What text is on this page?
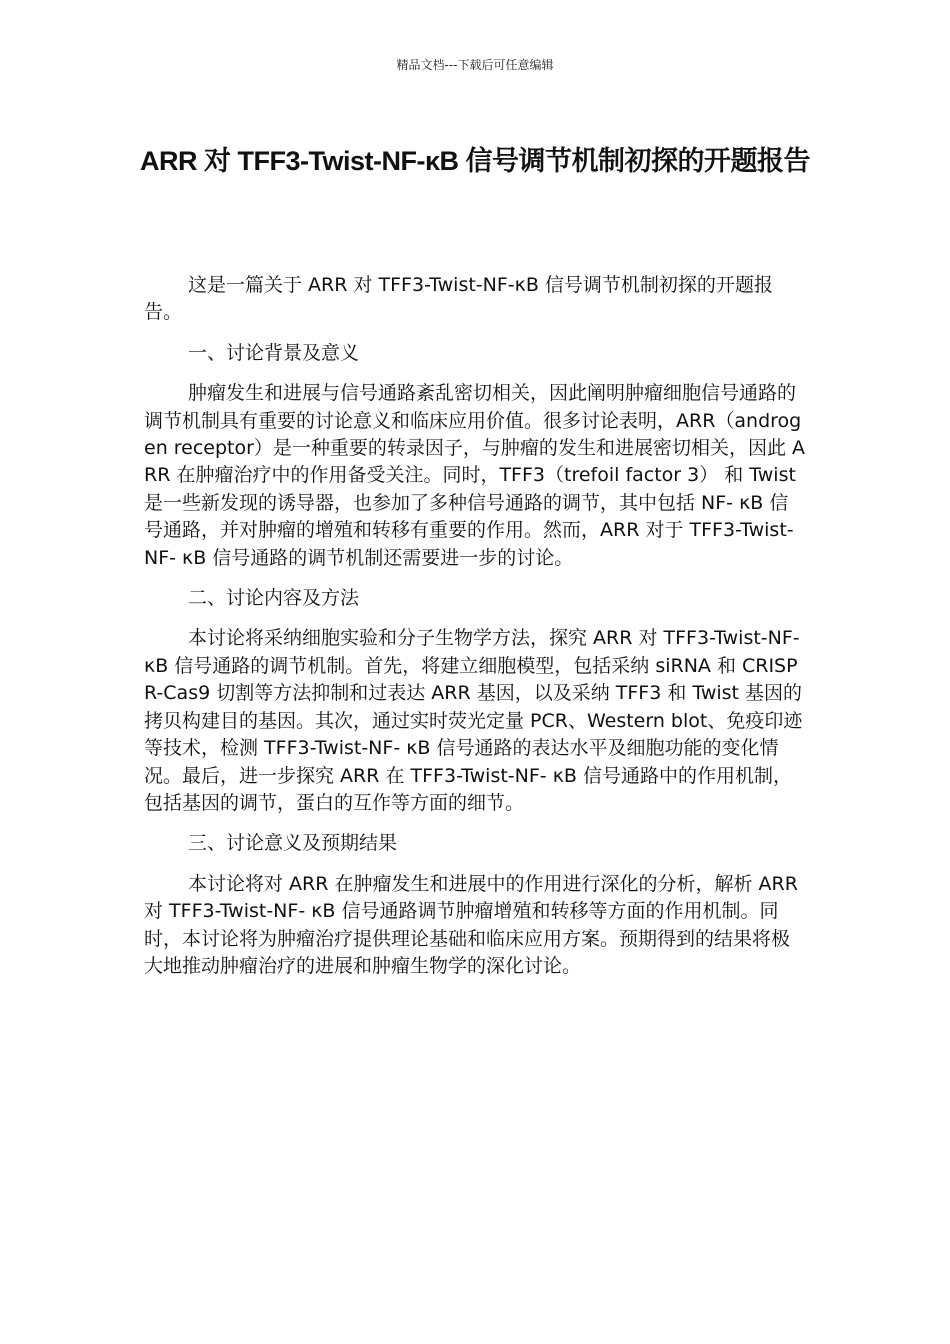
精品文档---下载后可任意编辑
ARR 对 TFF3-Twist-NF-κB 信号调节机制初探的开题报告

这是一篇关于 ARR 对 TFF3-Twist-NF-κB 信号调节机制初探的开题报告。

一、讨论背景及意义

肿瘤发生和进展与信号通路紊乱密切相关，因此阐明肿瘤细胞信号通路的调节机制具有重要的讨论意义和临床应用价值。很多讨论表明，ARR（androgen receptor）是一种重要的转录因子，与肿瘤的发生和进展密切相关，因此 ARR 在肿瘤治疗中的作用备受关注。同时，TFF3（trefoil factor 3） 和 Twist 是一些新发现的诱导器，也参加了多种信号通路的调节，其中包括 NF- κB 信号通路，并对肿瘤的增殖和转移有重要的作用。然而，ARR 对于 TFF3-Twist-NF- κB 信号通路的调节机制还需要进一步的讨论。

二、讨论内容及方法

本讨论将采纳细胞实验和分子生物学方法，探究 ARR 对 TFF3-Twist-NF- κB 信号通路的调节机制。首先，将建立细胞模型，包括采纳 siRNA 和 CRISPR-Cas9 切割等方法抑制和过表达 ARR 基因，以及采纳 TFF3 和 Twist 基因的拷贝构建目的基因。其次，通过实时荧光定量 PCR、Western blot、免疫印迹等技术，检测 TFF3-Twist-NF- κB 信号通路的表达水平及细胞功能的变化情况。最后，进一步探究 ARR 在 TFF3-Twist-NF- κB 信号通路中的作用机制，包括基因的调节，蛋白的互作等方面的细节。

三、讨论意义及预期结果

本讨论将对 ARR 在肿瘤发生和进展中的作用进行深化的分析，解析 ARR 对 TFF3-Twist-NF- κB 信号通路调节肿瘤增殖和转移等方面的作用机制。同时，本讨论将为肿瘤治疗提供理论基础和临床应用方案。预期得到的结果将极大地推动肿瘤治疗的进展和肿瘤生物学的深化讨论。
